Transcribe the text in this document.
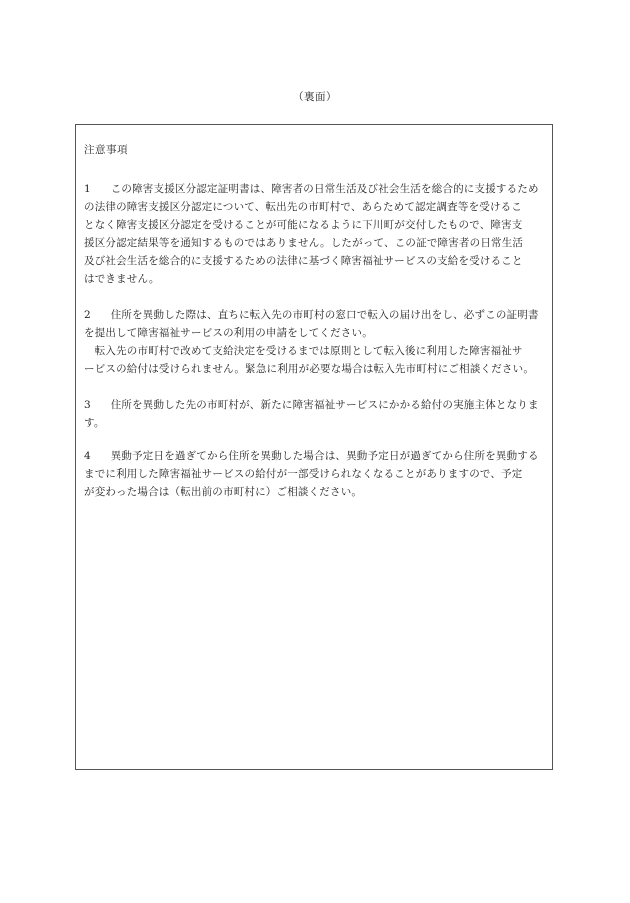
（裏面）
注意事項
1　 この障害支援区分認定証明書は、障害者の日常生活及び社会生活を総合的に支援するため
の法律の障害支援区分認定について、転出先の市町村で、あらためて認定調査等を受けるこ
となく障害支援区分認定を受けることが可能になるように下川町が交付したもので、障害支
援区分認定結果等を通知するものではありません。したがって、この証で障害者の日常生活
及び社会生活を総合的に支援するための法律に基づく障害福祉サービスの支給を受けること
はできません。
2　 住所を異動した際は、直ちに転入先の市町村の窓口で転入の届け出をし、必ずこの証明書
を提出して障害福祉サービスの利用の申請をしてください。
　転入先の市町村で改めて支給決定を受けるまでは原則として転入後に利用した障害福祉サ
ービスの給付は受けられません。緊急に利用が必要な場合は転入先市町村にご相談ください。
3　 住所を異動した先の市町村が、新たに障害福祉サービスにかかる給付の実施主体となりま
す。
4　 異動予定日を過ぎてから住所を異動した場合は、異動予定日が過ぎてから住所を異動する
までに利用した障害福祉サービスの給付が一部受けられなくなることがありますので、予定
が変わった場合は（転出前の市町村に）ご相談ください。
